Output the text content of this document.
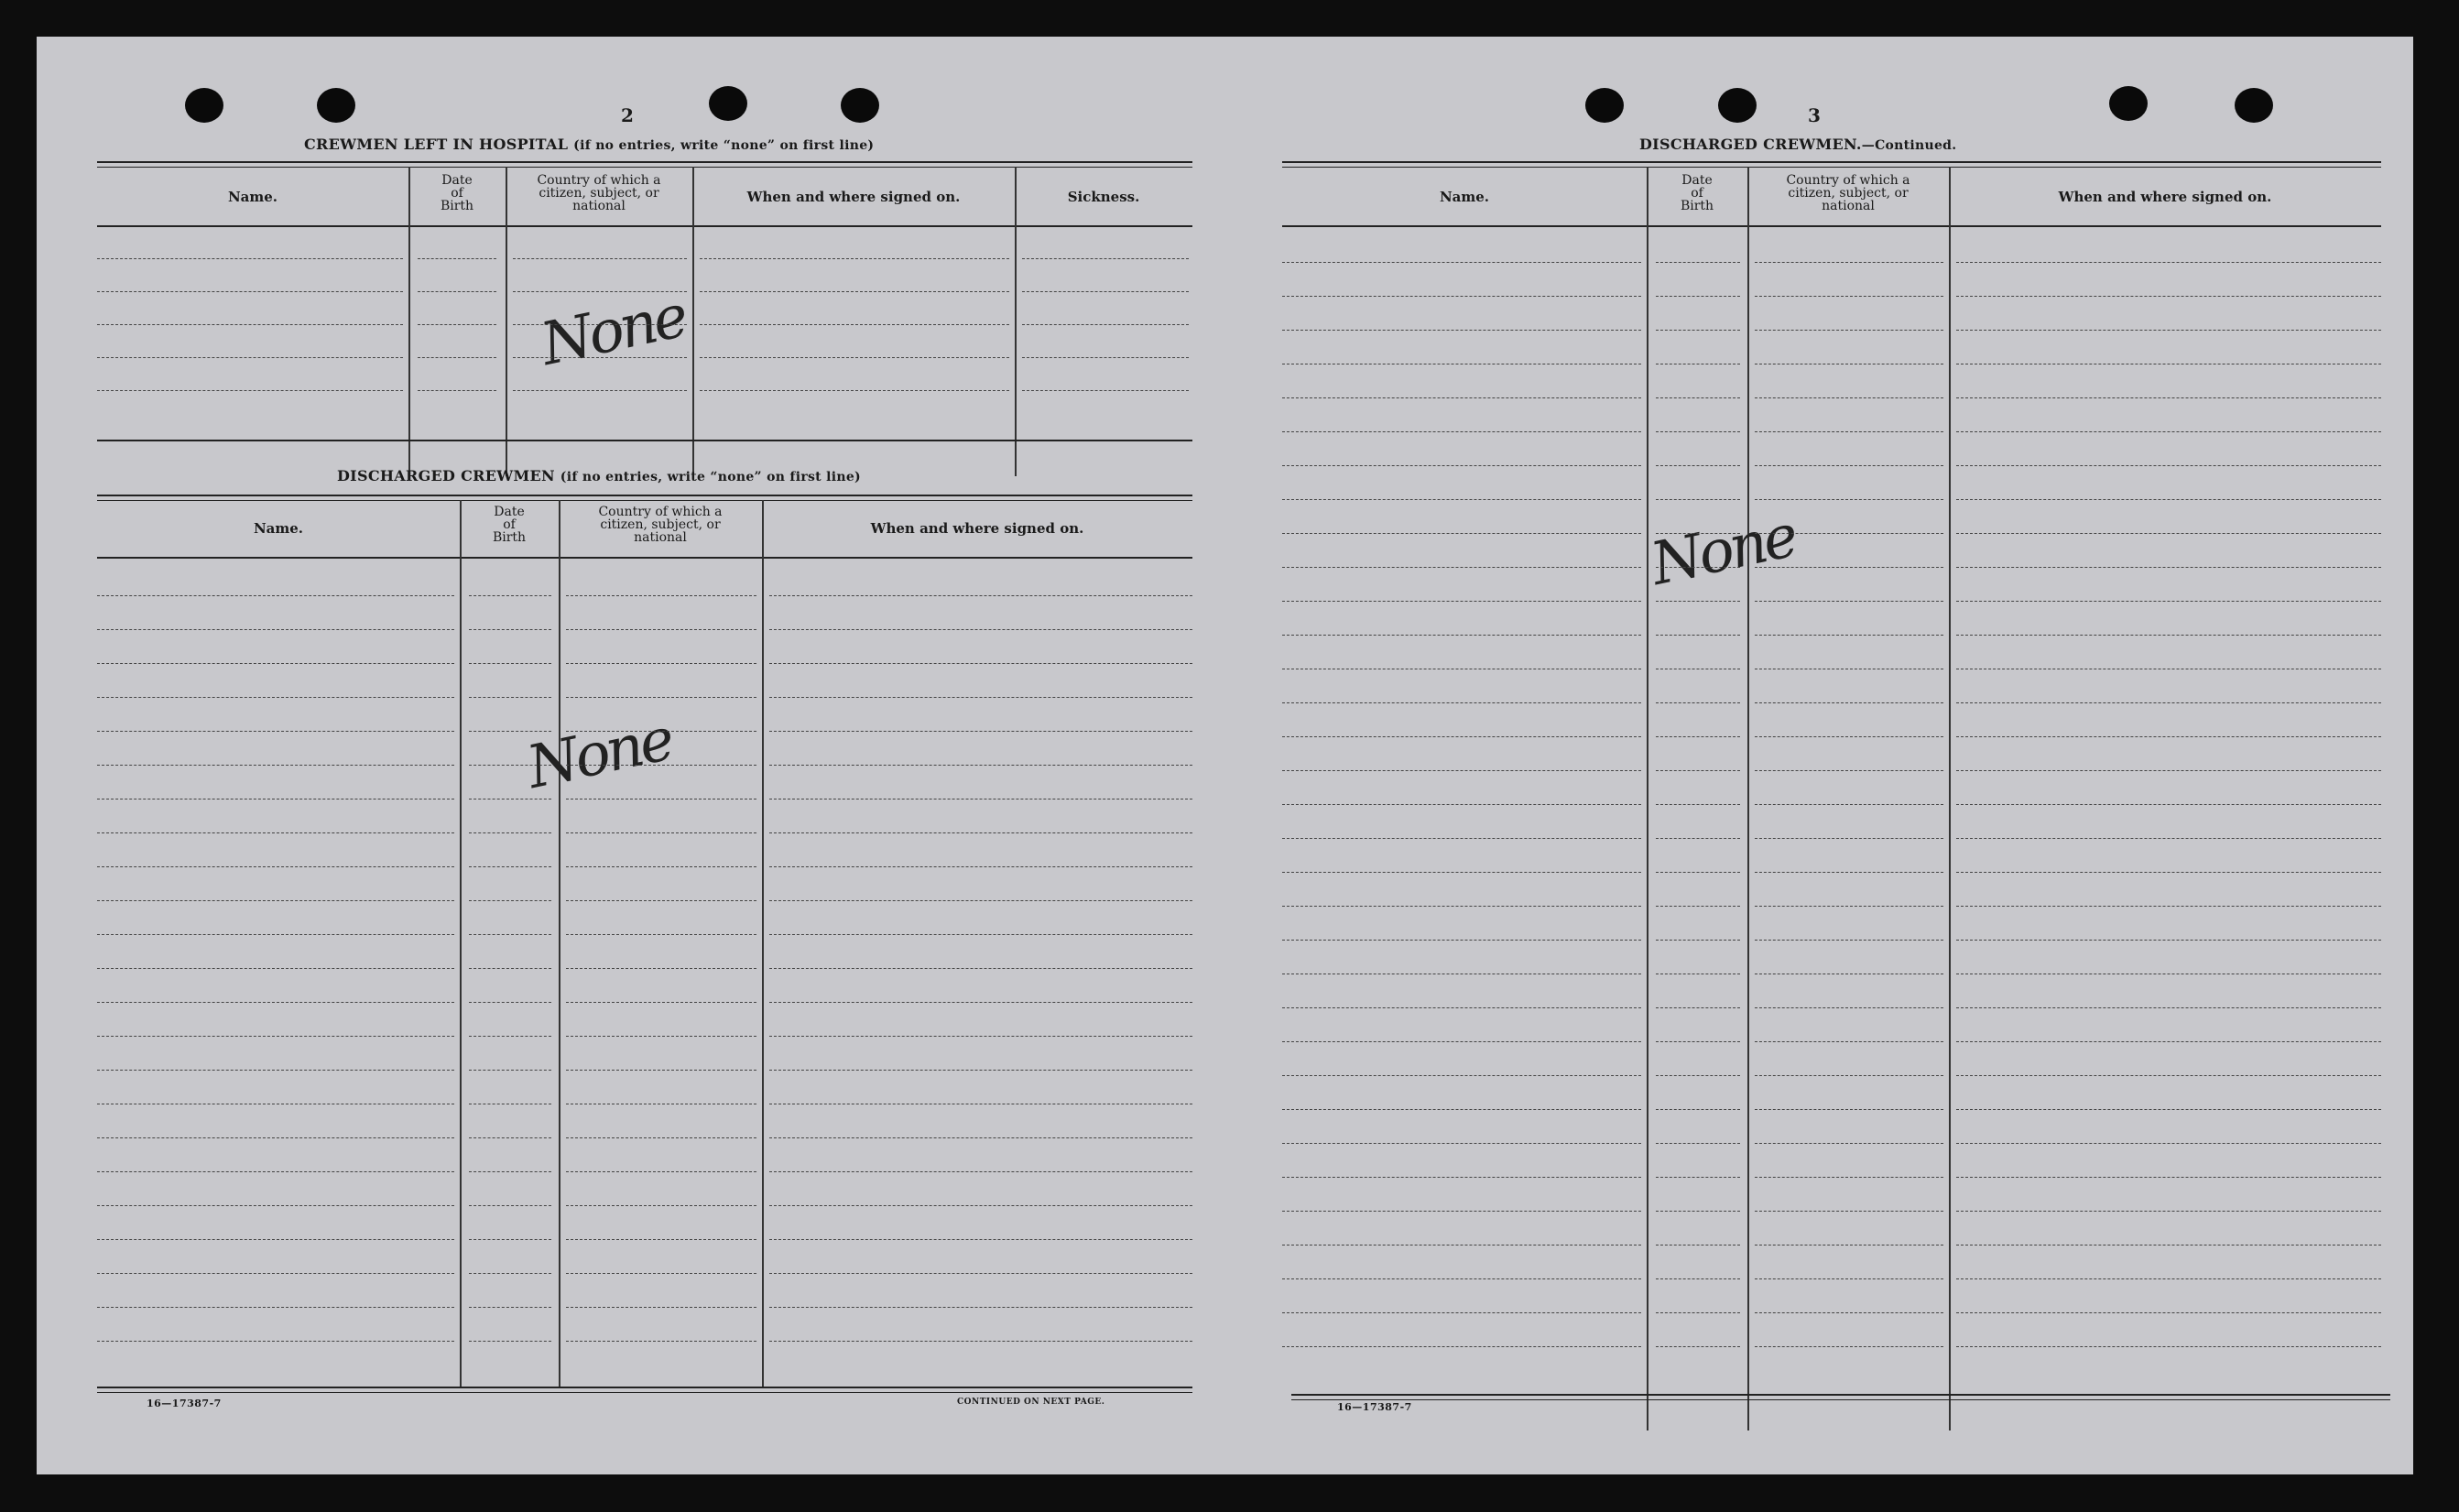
2
CREWMEN LEFT IN HOSPITAL (if no entries, write “none” on first line)
Name.
Date
of
Birth
Country of which a
citizen, subject, or
national
When and where signed on.	Sickness.
None
DISCHARGED CREWMEN (if no entries, write “none” on first line)
Name.
Date
of
Birth
Country of which a
citizen, subject, or
national
When and where signed on.
None
16—17387-7	CONTINUED ON NEXT PAGE.
3
DISCHARGED CREWMEN.—Continued.
Name.
Date
of
Birth
Country of which a
citizen, subject, or
national
When and where signed on.
None
16—17387-7
